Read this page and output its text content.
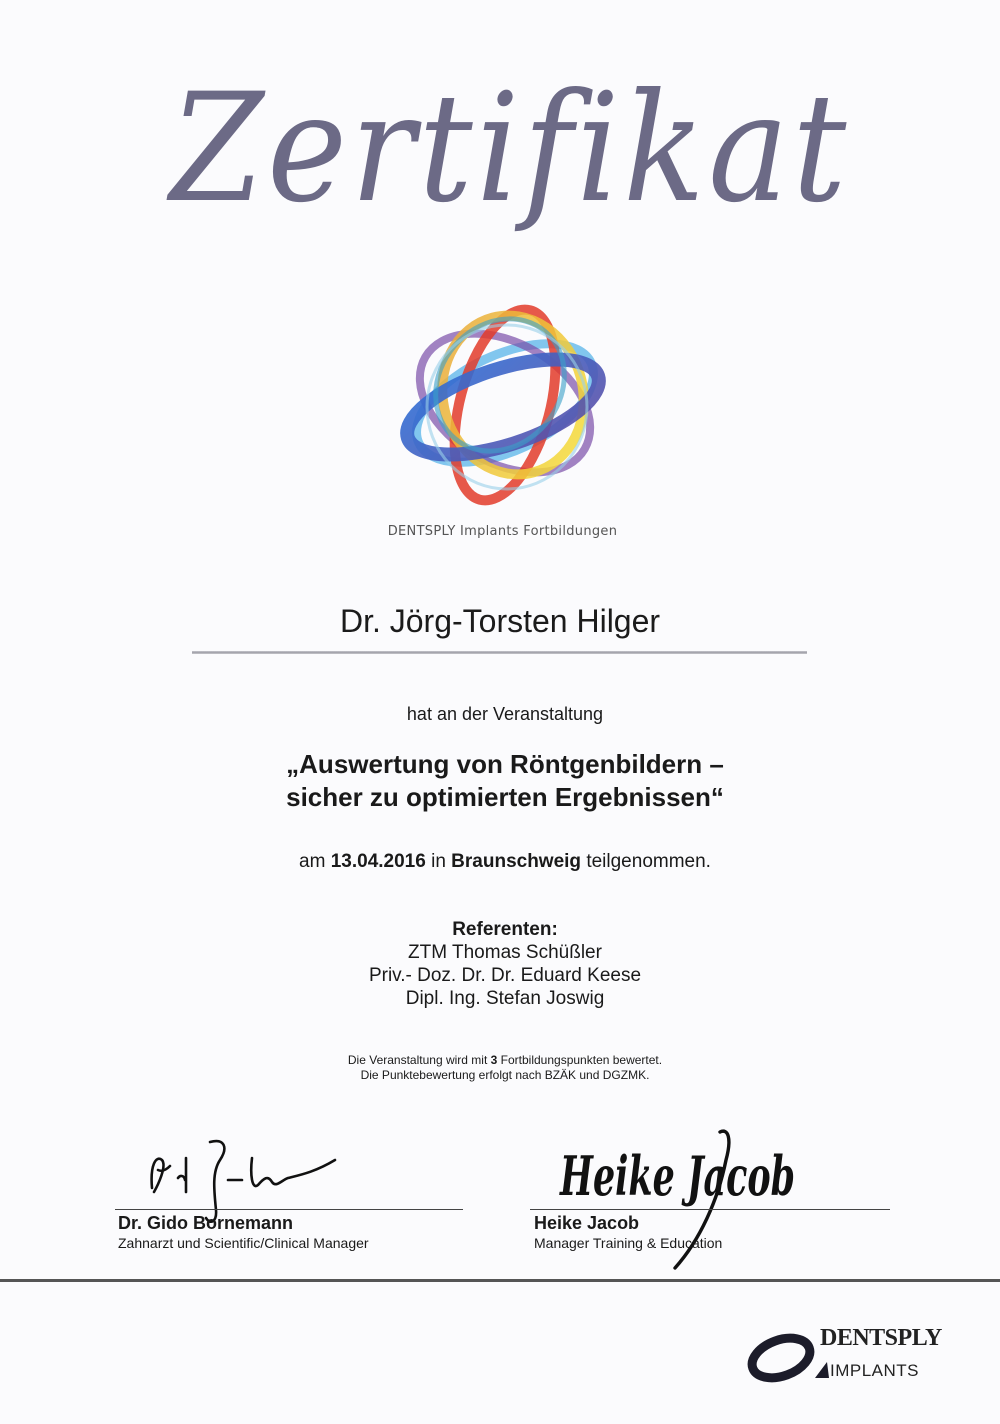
Zertifikat
DENTSPLY Implants Fortbildungen
Dr. Jörg-Torsten Hilger
hat an der Veranstaltung
„Auswertung von Röntgenbildern –
sicher zu optimierten Ergebnissen“
am 13.04.2016 in Braunschweig teilgenommen.
Referenten:
ZTM Thomas Schüßler
Priv.- Doz. Dr. Dr. Eduard Keese
Dipl. Ing. Stefan Joswig
Die Veranstaltung wird mit 3 Fortbildungspunkten bewertet.
Die Punktebewertung erfolgt nach BZÄK und DGZMK.
Dr. Gido Bornemann
Zahnarzt und Scientific/Clinical Manager
Heike Jacob
Heike Jacob
Manager Training & Education
DENTSPLY
IMPLANTS
